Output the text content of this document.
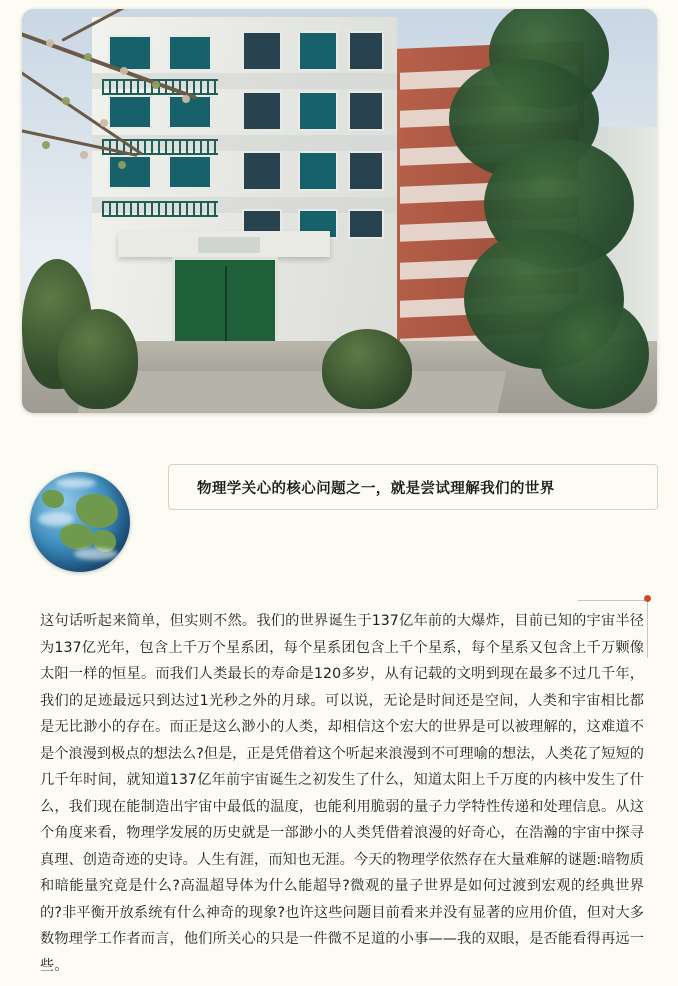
物理学关心的核心问题之一，就是尝试理解我们的世界
这句话听起来简单，但实则不然。我们的世界诞生于137亿年前的大爆炸，目前已知的宇宙半径为137亿光年，包含上千万个星系团，每个星系团包含上千个星系，每个星系又包含上千万颗像太阳一样的恒星。而我们人类最长的寿命是120多岁，从有记载的文明到现在最多不过几千年，我们的足迹最远只到达过1光秒之外的月球。可以说，无论是时间还是空间，人类和宇宙相比都是无比渺小的存在。而正是这么渺小的人类，却相信这个宏大的世界是可以被理解的，这难道不是个浪漫到极点的想法么?但是，正是凭借着这个听起来浪漫到不可理喻的想法，人类花了短短的几千年时间，就知道137亿年前宇宙诞生之初发生了什么，知道太阳上千万度的内核中发生了什么，我们现在能制造出宇宙中最低的温度，也能利用脆弱的量子力学特性传递和处理信息。从这个角度来看，物理学发展的历史就是一部渺小的人类凭借着浪漫的好奇心，在浩瀚的宇宙中探寻真理、创造奇迹的史诗。人生有涯，而知也无涯。今天的物理学依然存在大量难解的谜题:暗物质和暗能量究竟是什么?高温超导体为什么能超导?微观的量子世界是如何过渡到宏观的经典世界的?非平衡开放系统有什么神奇的现象?也许这些问题目前看来并没有显著的应用价值，但对大多数物理学工作者而言，他们所关心的只是一件微不足道的小事——我的双眼，是否能看得再远一些。
